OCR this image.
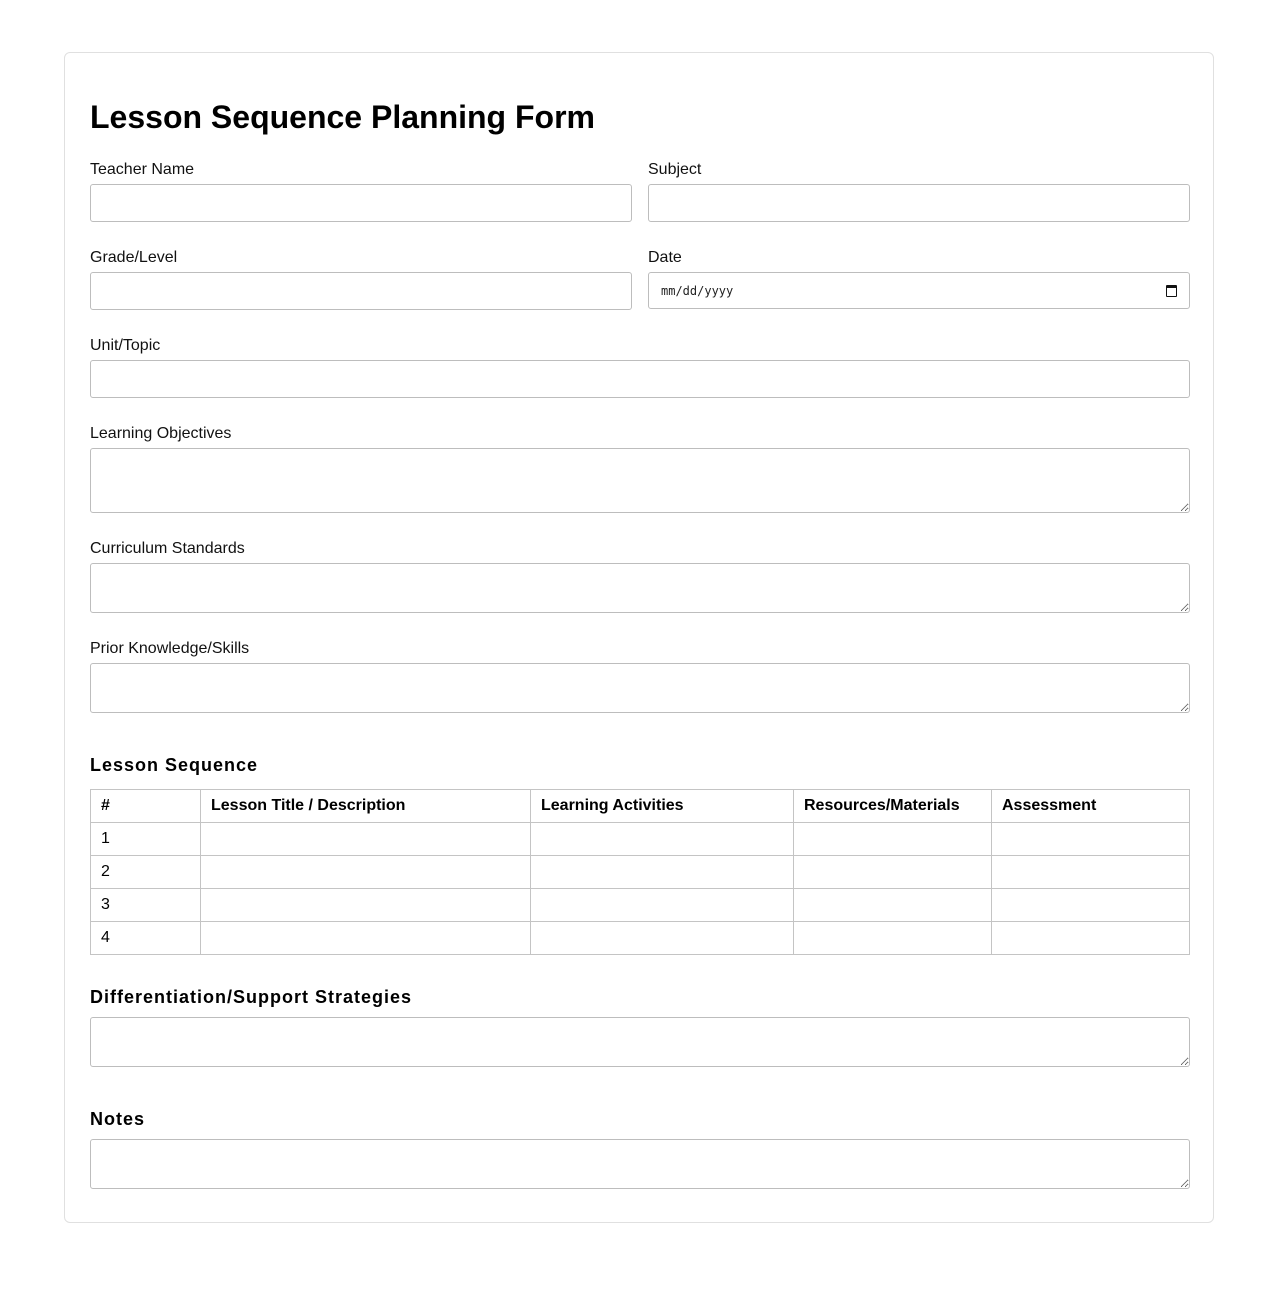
Lesson Sequence Planning Form
Teacher Name	Subject
Grade/Level	Date
mm/dd/yyyy
Unit/Topic
Learning Objectives
Curriculum Standards
Prior Knowledge/Skills
Lesson Sequence
#	Lesson Title / Description	Learning Activities	Resources/Materials	Assessment
1				
2				
3				
4				
Differentiation/Support Strategies
Notes
